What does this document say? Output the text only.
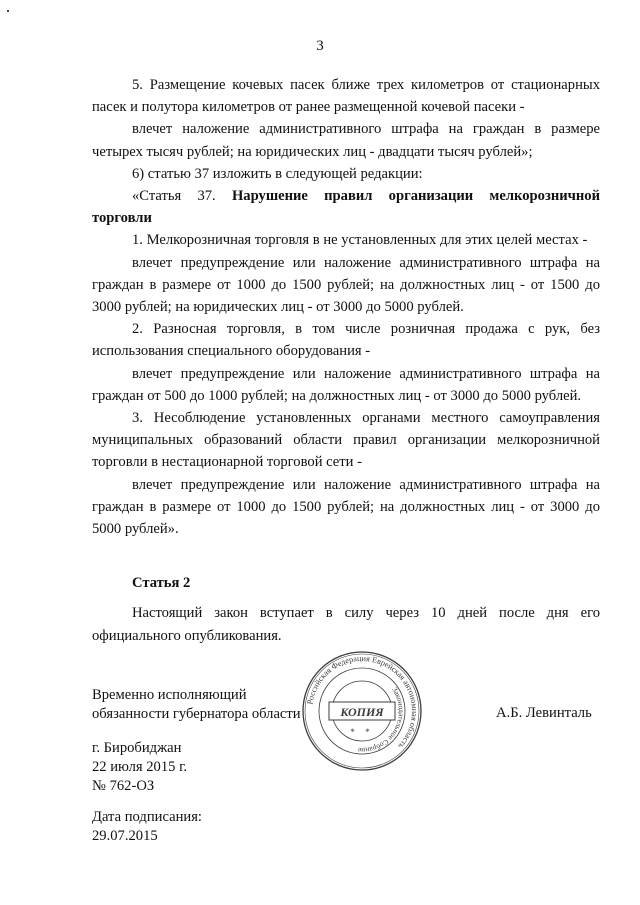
3

5. Размещение кочевых пасек ближе трех километров от стационарных пасек и полутора километров от ранее размещенной кочевой пасеки -

влечет наложение административного штрафа на граждан в размере четырех тысяч рублей; на юридических лиц - двадцати тысяч рублей»;

6) статью 37 изложить в следующей редакции:

«Статья 37. Нарушение правил организации мелкорозничной торговли

1. Мелкорозничная торговля в не установленных для этих целей местах -

влечет предупреждение или наложение административного штрафа на граждан в размере от 1000 до 1500 рублей; на должностных лиц - от 1500 до 3000 рублей; на юридических лиц - от 3000 до 5000 рублей.

2. Разносная торговля, в том числе розничная продажа с рук, без использования специального оборудования -

влечет предупреждение или наложение административного штрафа на граждан от 500 до 1000 рублей; на должностных лиц - от 3000 до 5000 рублей.

3. Несоблюдение установленных органами местного самоуправления муниципальных образований области правил организации мелкорозничной торговли в нестационарной торговой сети -

влечет предупреждение или наложение административного штрафа на граждан в размере от 1000 до 1500 рублей; на должностных лиц - от 3000 до 5000 рублей».

Статья 2

Настоящий закон вступает в силу через 10 дней после дня его официального опубликования.

Временно исполняющий
обязанности губернатора области	А.Б. Левинталь
Российская Федерация Еврейская автономная область
Законодательное Собрание
КОПИЯ
* *
г. Биробиджан
22 июля 2015 г.
№ 762-ОЗ
Дата подписания:
29.07.2015
